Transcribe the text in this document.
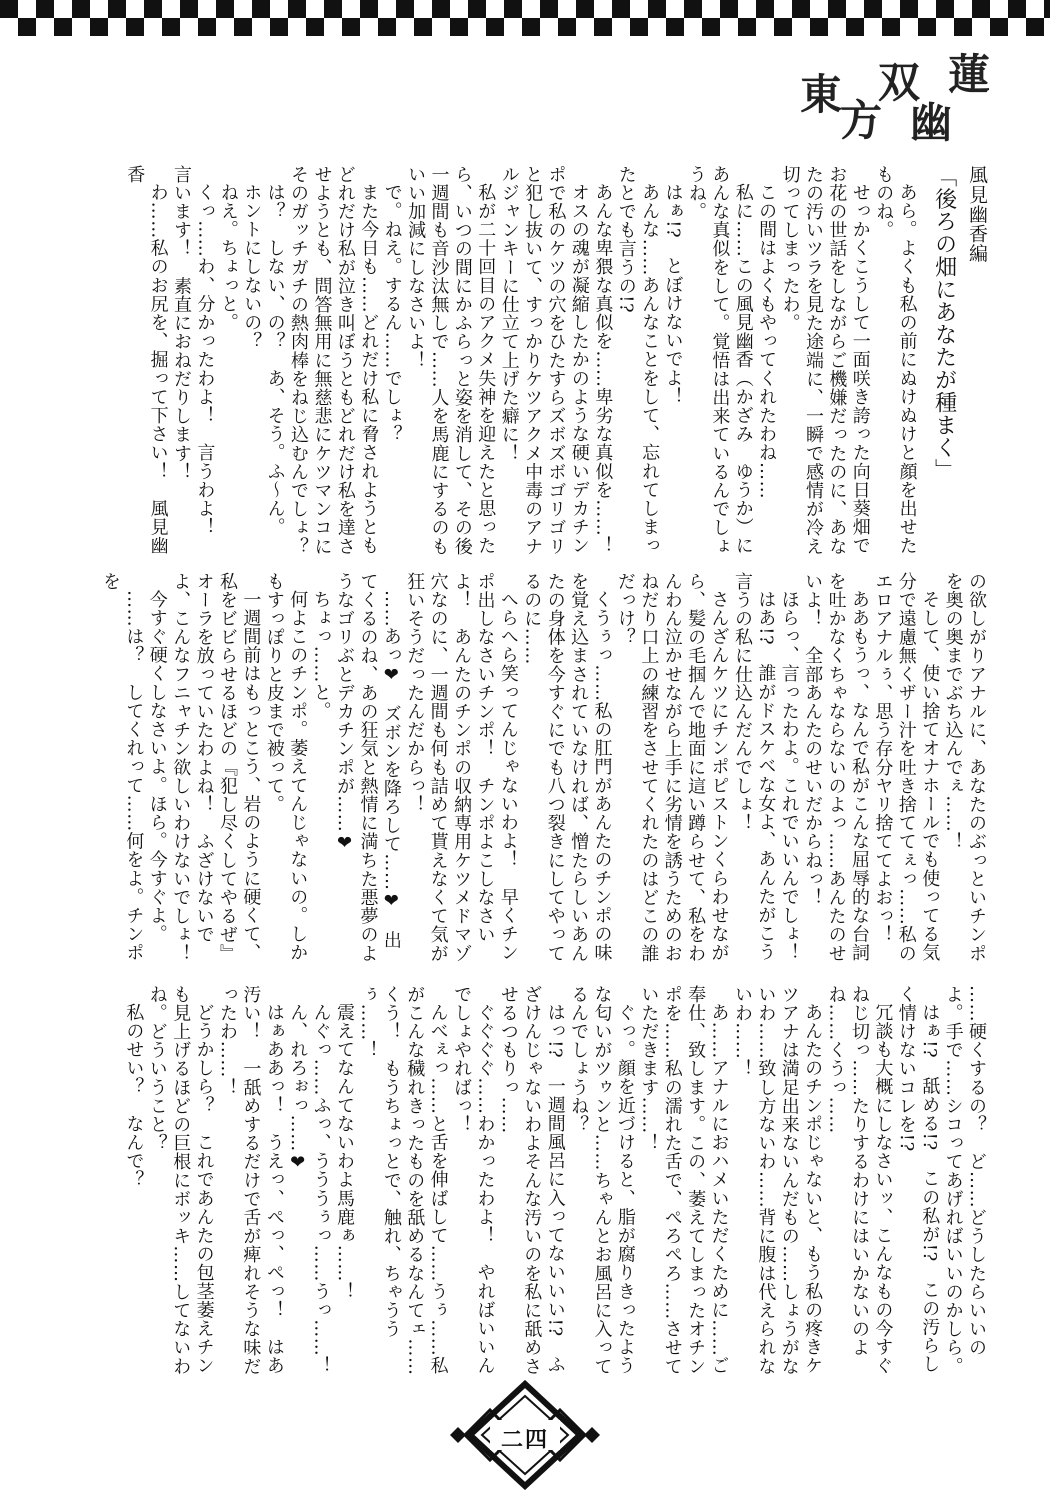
東
方
双
幽
蓮

風見幽香編

「後ろの畑にあなたが種まく」

あら。よくも私の前にぬけぬけと顔を出せたものね。

せっかくこうして一面咲き誇った向日葵畑でお花の世話をしながらご機嫌だったのに、あなたの汚いツラを見た途端に、一瞬で感情が冷え切ってしまったわ。

この間はよくもやってくれたわね……

私に……この風見幽香（かざみ　ゆうか）にあんな真似をして。覚悟は出来ているんでしょうね。

はぁ!?　とぼけないでよ！

あんな……あんなことをして、忘れてしまったとでも言うの!?

あんな卑猥な真似を……卑劣な真似を……！

オスの魂が凝縮したかのような硬いデカチンポで私のケツの穴をひたすらズボズボゴリゴリと犯し抜いて、すっかりケツアクメ中毒のアナルジャンキーに仕立て上げた癖に！

私が二十回目のアクメ失神を迎えたと思ったら、いつの間にかふらっと姿を消して、その後一週間も音沙汰無しで……人を馬鹿にするのもいい加減にしなさいよ！

で。ねえ。するん……でしょ？

また今日も……どれだけ私に脅されようともどれだけ私が泣き叫ぼうともどれだけ私を達させようとも、問答無用に無慈悲にケツマンコにそのガッチガチの熱肉棒をねじ込むんでしょ？

は？　しない、の？　あ、そう。ふ～ん。

ホントにしないの？

ねえ。ちょっと。

くっ……わ、分かったわよ！　言うわよ！　言います！　素直におねだりします！

わ……私のお尻を、掘って下さい！　風見幽香

の欲しがりアナルに、あなたのぶっといチンポを奥の奥までぶち込んでぇ……！

そして、使い捨てオナホールでも使ってる気分で遠慮無くザー汁を吐き捨ててぇっ……私のエロアナルぅ、思う存分ヤリ捨ててよおっ！

ああもうっ、なんで私がこんな屈辱的な台詞を吐かなくちゃならないのよっ……あんたのせいよ！　全部あんたのせいだからねっ！

ほらっ、言ったわよ。これでいいんでしょ！

はあ!?　誰がドスケベな女よ、あんたがこう言うの私に仕込んだんでしょ！

さんざんケツにチンポピストンくらわせながら、髪の毛掴んで地面に這い蹲らせて、私をわんわん泣かせながら上手に劣情を誘うためのおねだり口上の練習をさせてくれたのはどこの誰だっけ？

くうぅっ……私の肛門があんたのチンポの味を覚え込まされていなければ、憎たらしいあんたの身体を今すぐにでも八つ裂きにしてやってるのに……

へらへら笑ってんじゃないわよ！　早くチンポ出しなさいチンポ！　チンポよこしなさいよ！　あんたのチンポの収納専用ケツメドマゾ穴なのに、一週間も何も詰めて貰えなくて気が狂いそうだったんだからっ！

……あっ❤　ズボンを降ろして……❤　出てくるのね、あの狂気と熱情に満ちた悪夢のようなゴリぶとデカチンポが……❤

ちょっ……と。

何よこのチンポ。萎えてんじゃないの。しかもすっぽりと皮まで被って。

一週間前はもっとこう、岩のように硬くて、私をビビらせるほどの『犯し尽くしてやるぜ』オーラを放っていたわよね！　ふざけないでよ、こんなフニャチン欲しいわけないでしょ！

今すぐ硬くしなさいよ。ほら。今すぐよ。

……は？　してくれって……何をよ。チンポを

……硬くするの？　ど……どうしたらいいのよ。手で……シコってあげればいいのかしら。

はぁ!?　舐める!?　この私が!?　この汚らしく情けないコレを!?

冗談も大概にしなさいッ、こんなもの今すぐねじ切っ……たりするわけにはいかないのよね……くうっ……

あんたのチンポじゃないと、もう私の疼きケツアナは満足出来ないんだもの……しょうがないわ……致し方ないわ……背に腹は代えられないわ……！

あ……アナルにおハメいただくために……ご奉仕、致します。この、萎えてしまったオチンポを……私の濡れた舌で、ぺろぺろ……させていただきます……！

ぐっ。顔を近づけると、脂が腐りきったような匂いがツゥンと……ちゃんとお風呂に入ってるんでしょうね？

はっ!?　一週間風呂に入ってないいい!?　ふざけんじゃないわよそんな汚いのを私に舐めさせるつもりっ……

ぐぐぐぐ……わかったわよ！　やればいいんでしょやればっ！

んべぇっ……と舌を伸ばして……うぅ……私がこんな穢れきったものを舐めるなんてェ……くう！　もうちょっとで、触れ、ちゃううぅ……！

震えてなんてないわよ馬鹿ぁ……！

んぐっ……ふっ、うううぅっ……うっ……！

ん、れろぉっ……❤

はぁああっ！　うえっ、ぺっ、ぺっ！　はあ汚い！　一舐めするだけで舌が痺れそうな味だったわ……！

どうかしら？　これであんたの包茎萎えチンも見上げるほどの巨根にボッキ……してないわね。どういうこと？

私のせい？　なんで？

二四
